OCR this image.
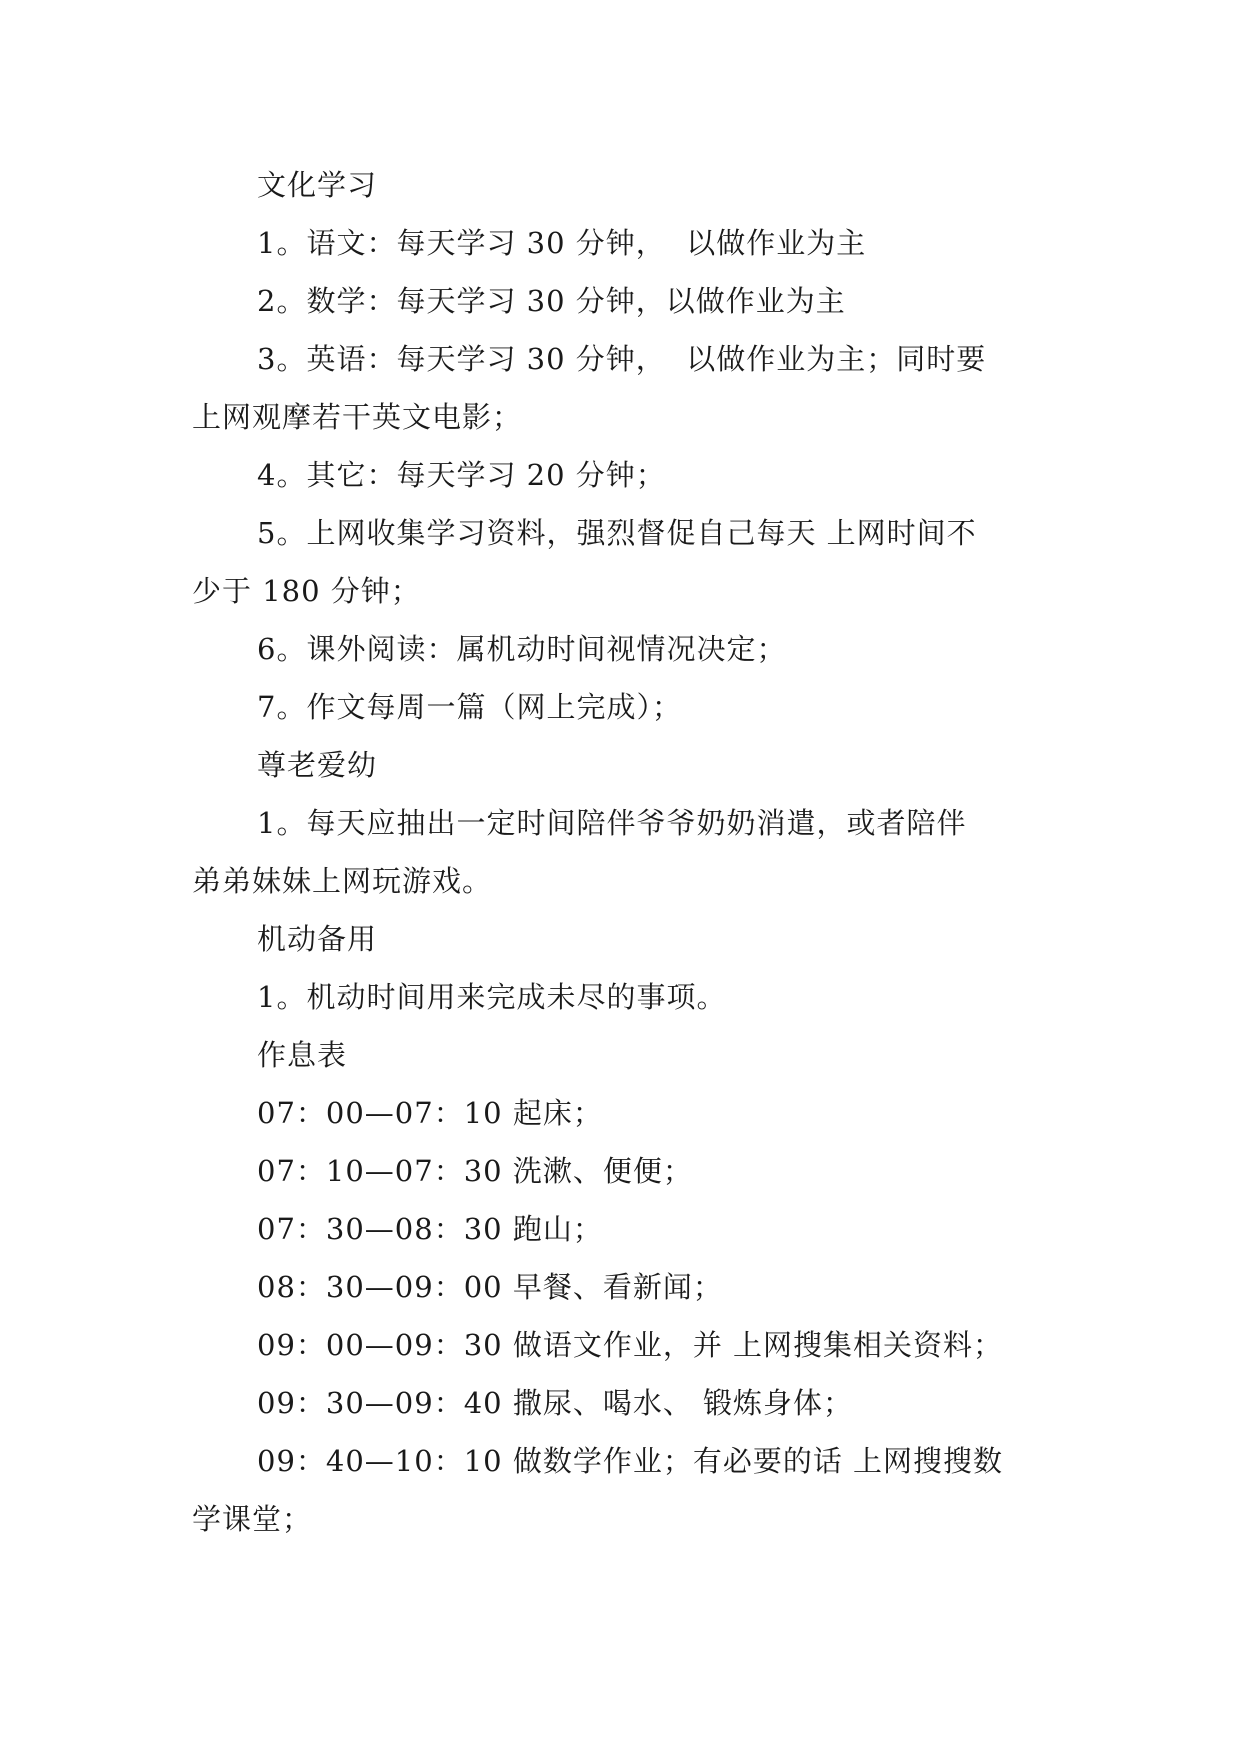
文化学习
1。语文：每天学习 30 分钟，  以做作业为主
2。数学：每天学习 30 分钟，以做作业为主
3。英语：每天学习 30 分钟，  以做作业为主；同时要
上网观摩若干英文电影；
4。其它：每天学习 20 分钟；
5。上网收集学习资料，强烈督促自己每天 上网时间不
少于 180 分钟；
6。课外阅读：属机动时间视情况决定；
7。作文每周一篇（网上完成）；
尊老爱幼
1。每天应抽出一定时间陪伴爷爷奶奶消遣，或者陪伴
弟弟妹妹上网玩游戏。
机动备用
1。机动时间用来完成未尽的事项。
作息表
07：00—07：10 起床；
07：10—07：30 洗漱、便便；
07：30—08：30 跑山；
08：30—09：00 早餐、看新闻；
09：00—09：30 做语文作业，并 上网搜集相关资料；
09：30—09：40 撒尿、喝水、 锻炼身体；
09：40—10：10 做数学作业；有必要的话 上网搜搜数
学课堂；
